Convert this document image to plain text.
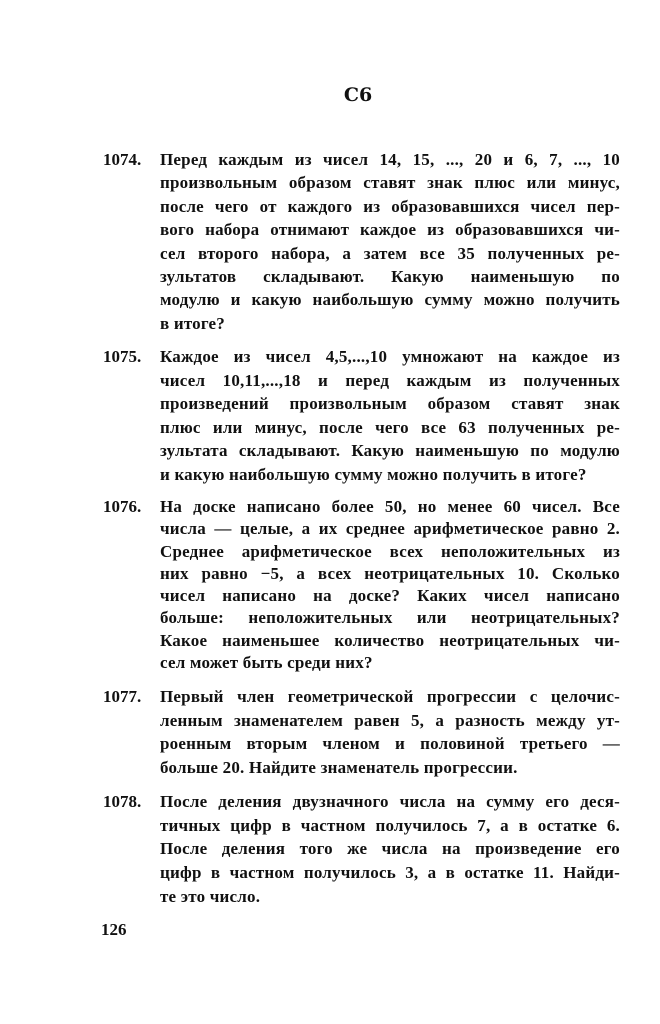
С6
1074. Перед каждым из чисел 14, 15, ..., 20 и 6, 7, ..., 10
произвольным образом ставят знак плюс или минус,
после чего от каждого из образовавшихся чисел пер-
вого набора отнимают каждое из образовавшихся чи-
сел второго набора, а затем все 35 полученных ре-
зультатов складывают. Какую наименьшую по
модулю и какую наибольшую сумму можно получить
в итоге?
1075. Каждое из чисел 4,5,...,10 умножают на каждое из
чисел 10,11,...,18 и перед каждым из полученных
произведений произвольным образом ставят знак
плюс или минус, после чего все 63 полученных ре-
зультата складывают. Какую наименьшую по модулю
и какую наибольшую сумму можно получить в итоге?
1076. На доске написано более 50, но менее 60 чисел. Все
числа — целые, а их среднее арифметическое равно 2.
Среднее арифметическое всех неположительных из
них равно −5, а всех неотрицательных 10. Сколько
чисел написано на доске? Каких чисел написано
больше: неположительных или неотрицательных?
Какое наименьшее количество неотрицательных чи-
сел может быть среди них?
1077. Первый член геометрической прогрессии с целочис-
ленным знаменателем равен 5, а разность между ут-
роенным вторым членом и половиной третьего —
больше 20. Найдите знаменатель прогрессии.
1078. После деления двузначного числа на сумму его деся-
тичных цифр в частном получилось 7, а в остатке 6.
После деления того же числа на произведение его
цифр в частном получилось 3, а в остатке 11. Найди-
те это число.
126
